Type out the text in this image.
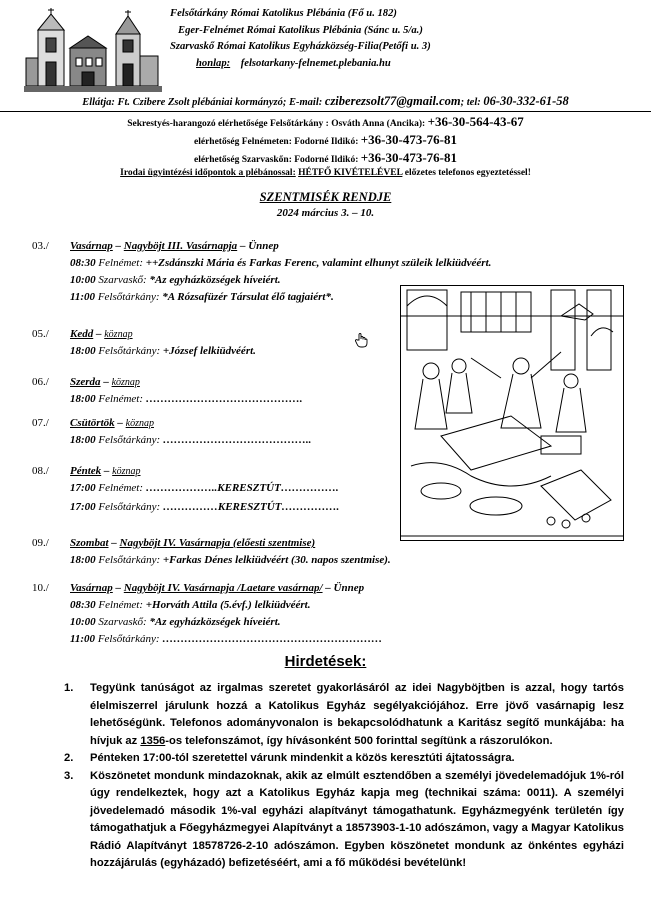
Felsőtárkány Római Katolikus Plébánia (Fő u. 182)
Eger-Felnémet Római Katolikus Plébánia (Sánc u. 5/a.)
Szarvaskő Római Katolikus Egyházközség-Filia(Petőfi u. 3)
honlap: felsotarkany-felnemet.plebania.hu
Ellátja: Ft. Czibere Zsolt plébániai kormányzó; E-mail: cziberezsolt77@gmail.com; tel: 06-30-332-61-58
Sekrestyés-harangozó elérhetősége Felsőtárkány : Osváth Anna (Ancika): +36-30-564-43-67
elérhetőség Felnémeten: Fodorné Ildikó: +36-30-473-76-81
elérhetőség Szarvaskőn: Fodorné Ildikó: +36-30-473-76-81
Irodai ügyintézési időpontok a plébánossal: HÉTFŐ KIVÉTELÉVEL előzetes telefonos egyeztetéssel!
SZENTMISÉK RENDJE
2024 március 3. – 10.
03./ Vasárnap – Nagyböjt III. Vasárnapja – Ünnep
08:30 Felnémet: ++Zsdánszki Mária és Farkas Ferenc, valamint elhunyt szüleik lelkiüdvéért.
10:00 Szarvaskő: *Az egyházközségek híveiért.
11:00 Felsőtárkány: *A Rózsafüzér Társulat élő tagjaiért*.
05./ Kedd – köznap
18:00 Felsőtárkány: +József lelkiüdvéért.
06./ Szerda – köznap
18:00 Felnémet: …………………………………….
07./ Csütörtök – köznap
18:00 Felsőtárkány: …………………………………..
08./ Péntek – köznap
17:00 Felnémet: ………………..KERESZTÚT…………….
17:00 Felsőtárkány: ……………KERESZTÚT…………….
09./ Szombat – Nagyböjt IV. Vasárnapja (előesti szentmise)
18:00 Felsőtárkány: +Farkas Dénes lelkiüdvéért (30. napos szentmise).
10./ Vasárnap – Nagyböjt IV. Vasárnapja /Laetare vasárnap/ – Ünnep
08:30 Felnémet: +Horváth Attila (5.évf.) lelkiüdvéért.
10:00 Szarvaskő: *Az egyházközségek híveiért.
11:00 Felsőtárkány: ……………………………………………………
Hirdetések:
1. Tegyünk tanúságot az irgalmas szeretet gyakorlásáról az idei Nagyböjtben is azzal, hogy tartós élelmiszerrel járulunk hozzá a Katolikus Egyház segélyakciójához. Erre jövő vasárnapig lesz lehetőségünk. Telefonos adományvonalon is bekapcsolódhatunk a Karitász segítő munkájába: ha hívjuk az 1356-os telefonszámot, így hívásonként 500 forinttal segítünk a rászorulókon.
2. Pénteken 17:00-tól szeretettel várunk mindenkit a közös keresztúti ájtatosságra.
3. Köszönetet mondunk mindazoknak, akik az elmúlt esztendőben a személyi jövedelemadójuk 1%-ról úgy rendelkeztek, hogy azt a Katolikus Egyház kapja meg (technikai száma: 0011). A személyi jövedelemadó második 1%-val egyházi alapítványt támogathatunk. Egyházmegyénk területén így támogathatjuk a Főegyházmegyei Alapítványt a 18573903-1-10 adószámon, vagy a Magyar Katolikus Rádió Alapítványt 18578726-2-10 adószámon. Egyben köszönetet mondunk az önkéntes egyházi hozzájárulás (egyházadó) befizetéséért, ami a fő működési bevételünk!
